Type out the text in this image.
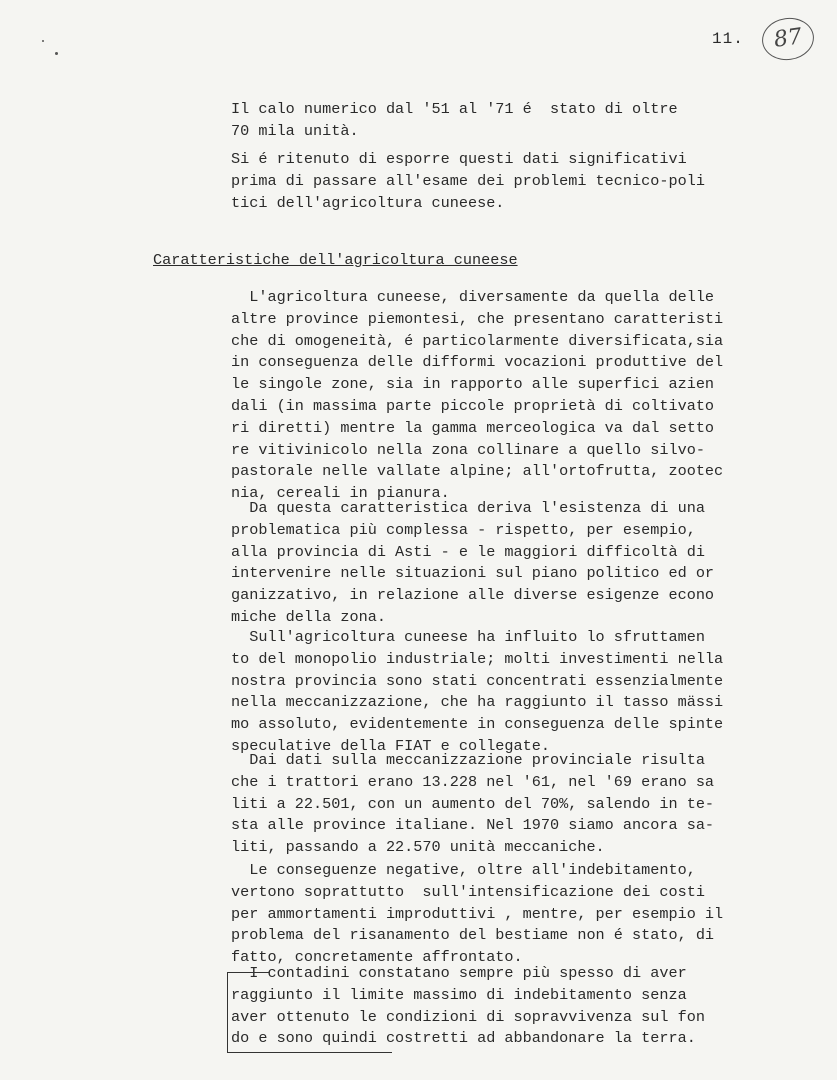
11.	87
Il calo numerico dal '51 al '71 é  stato di oltre
70 mila unità.
Si é ritenuto di esporre questi dati significativi
prima di passare all'esame dei problemi tecnico-poli
tici dell'agricoltura cuneese.
Caratteristiche dell'agricoltura cuneese
L'agricoltura cuneese, diversamente da quella delle
altre province piemontesi, che presentano caratteristi
che di omogeneità, é particolarmente diversificata,sia
in conseguenza delle difformi vocazioni produttive del
le singole zone, sia in rapporto alle superfici azien
dali (in massima parte piccole proprietà di coltivato
ri diretti) mentre la gamma merceologica va dal setto
re vitivinicolo nella zona collinare a quello silvo-
pastorale nelle vallate alpine; all'ortofrutta, zootec
nia, cereali in pianura.
Da questa caratteristica deriva l'esistenza di una
problematica più complessa - rispetto, per esempio,
alla provincia di Asti - e le maggiori difficoltà di
intervenire nelle situazioni sul piano politico ed or
ganizzativo, in relazione alle diverse esigenze econo
miche della zona.
Sull'agricoltura cuneese ha influito lo sfruttamen
to del monopolio industriale; molti investimenti nella
nostra provincia sono stati concentrati essenzialmente
nella meccanizzazione, che ha raggiunto il tasso mässi
mo assoluto, evidentemente in conseguenza delle spinte
speculative della FIAT e collegate.
Dai dati sulla meccanizzazione provinciale risulta
che i trattori erano 13.228 nel '61, nel '69 erano sa
liti a 22.501, con un aumento del 70%, salendo in te-
sta alle province italiane. Nel 1970 siamo ancora sa-
liti, passando a 22.570 unità meccaniche.
Le conseguenze negative, oltre all'indebitamento,
vertono soprattutto  sull'intensificazione dei costi
per ammortamenti improduttivi , mentre, per esempio il
problema del risanamento del bestiame non é stato, di
fatto, concretamente affrontato.
I contadini constatano sempre più spesso di aver
raggiunto il limite massimo di indebitamento senza
aver ottenuto le condizioni di sopravvivenza sul fon
do e sono quindi costretti ad abbandonare la terra.
